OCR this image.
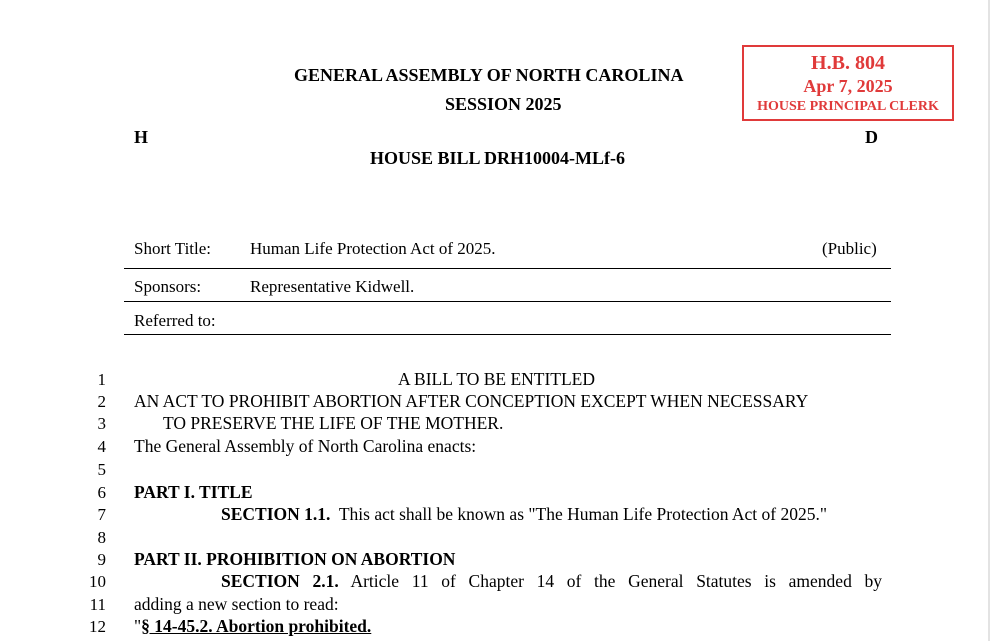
GENERAL ASSEMBLY OF NORTH CAROLINA
SESSION 2025
H	D
HOUSE BILL DRH10004-MLf-6
H.B. 804
Apr 7, 2025
HOUSE PRINCIPAL CLERK
Short Title: Human Life Protection Act of 2025.	(Public)
Sponsors:	Representative Kidwell.
Referred to:
1
2
3
4
5
6
7
8
9
10
11
12
A BILL TO BE ENTITLED
AN ACT TO PROHIBIT ABORTION AFTER CONCEPTION EXCEPT WHEN NECESSARY
TO PRESERVE THE LIFE OF THE MOTHER.
The General Assembly of North Carolina enacts:
PART I. TITLE
SECTION 1.1. This act shall be known as "The Human Life Protection Act of 2025."
PART II. PROHIBITION ON ABORTION
SECTION 2.1. Article 11 of Chapter 14 of the General Statutes is amended by
adding a new section to read:
"§ 14-45.2. Abortion prohibited.
